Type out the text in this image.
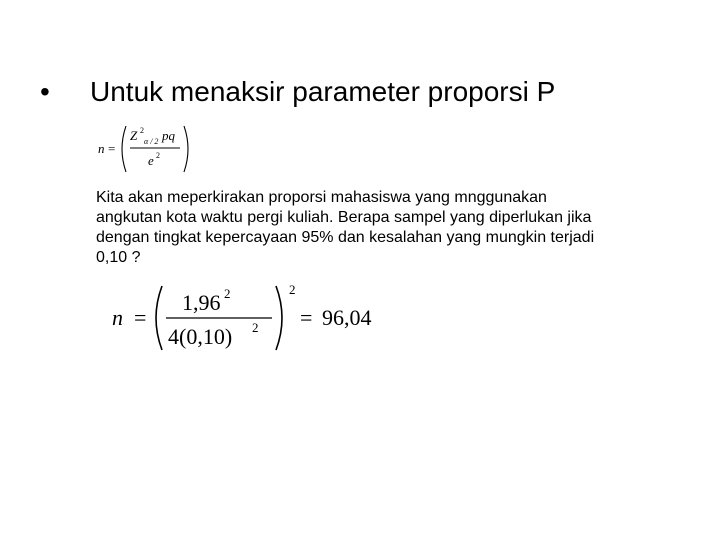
• Untuk menaksir parameter proporsi P
n =
Z 2
α / 2 pq
e 2
Kita akan meperkirakan proporsi mahasiswa yang mnggunakan
angkutan kota waktu pergi kuliah. Berapa sampel yang diperlukan jika
dengan tingkat kepercayaan 95% dan kesalahan yang mungkin terjadi
0,10 ?
n =
1,96 2
4(0,10) 2
2
= 96,04
